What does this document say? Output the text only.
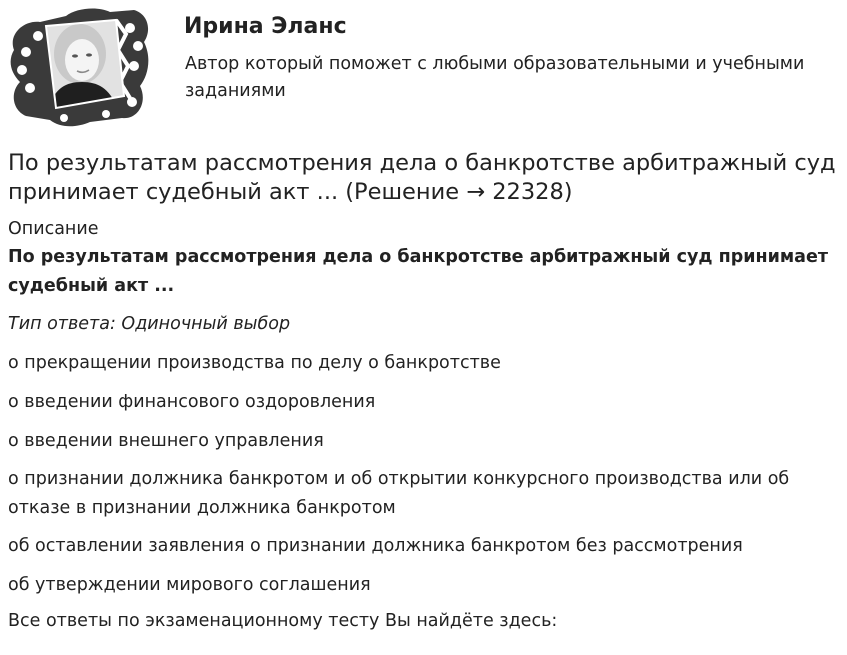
Ирина Эланс
Автор который поможет с любыми образовательными и учебными заданиями
По результатам рассмотрения дела о банкротстве арбитражный суд принимает судебный акт ... (Решение → 22328)
Описание
По результатам рассмотрения дела о банкротстве арбитражный суд принимает судебный акт ...
Тип ответа: Одиночный выбор
о прекращении производства по делу о банкротстве
о введении финансового оздоровления
о введении внешнего управления
о признании должника банкротом и об открытии конкурсного производства или об отказе в признании должника банкротом
об оставлении заявления о признании должника банкротом без рассмотрения
об утверждении мирового соглашения
Все ответы по экзаменационному тесту Вы найдёте здесь:
